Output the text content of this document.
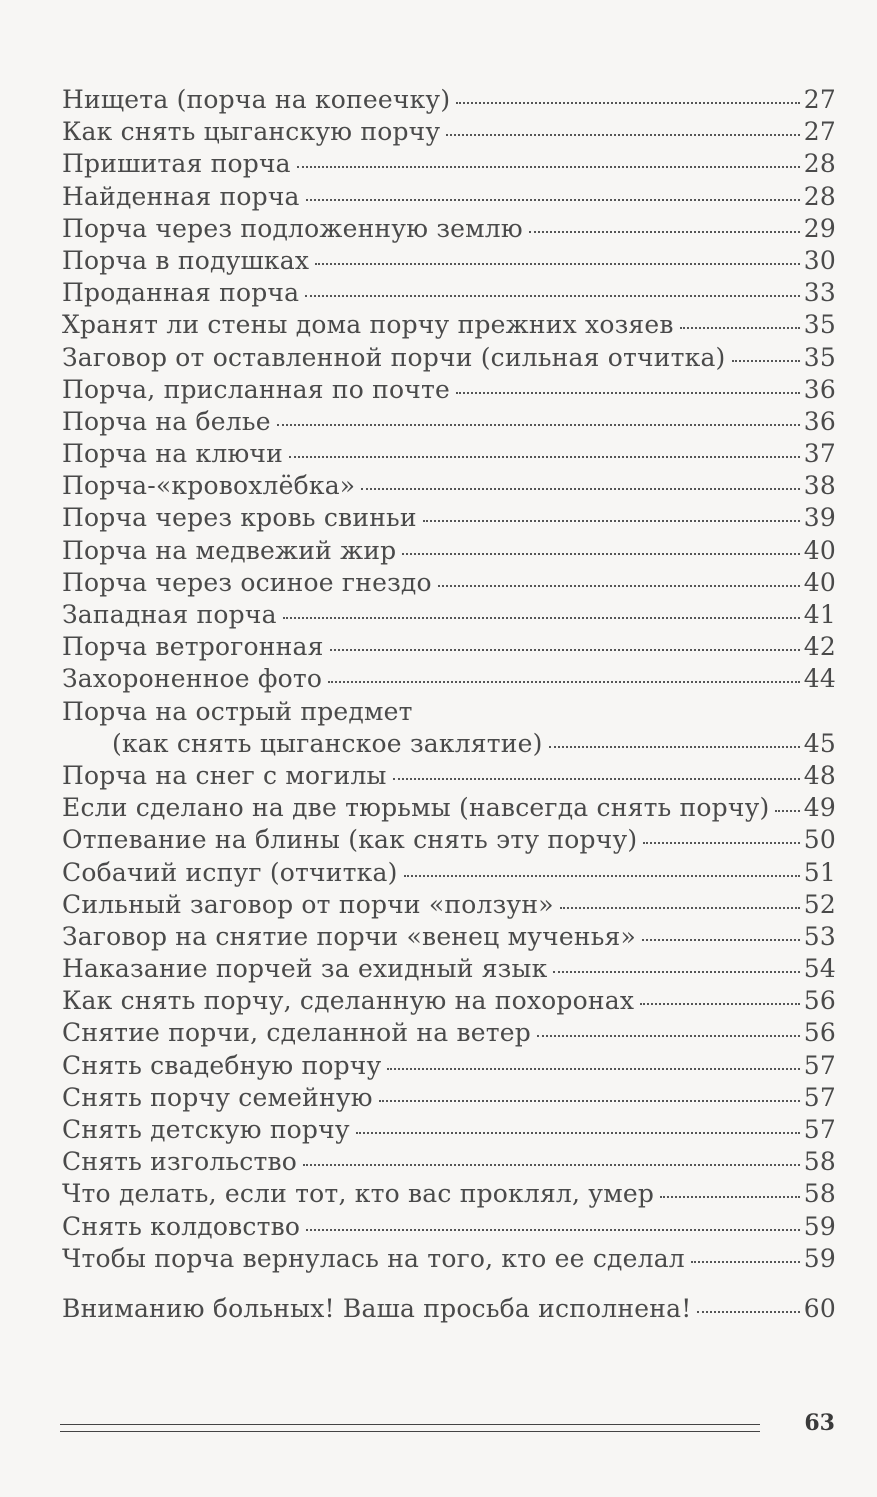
Нищета (порча на копеечку)	27
Как снять цыганскую порчу	27
Пришитая порча	28
Найденная порча	28
Порча через подложенную землю	29
Порча в подушках	30
Проданная порча	33
Хранят ли стены дома порчу прежних хозяев	35
Заговор от оставленной порчи (сильная отчитка)	35
Порча, присланная по почте	36
Порча на белье	36
Порча на ключи	37
Порча-«кровохлёбка»	38
Порча через кровь свиньи	39
Порча на медвежий жир	40
Порча через осиное гнездо	40
Западная порча	41
Порча ветрогонная	42
Захороненное фото	44
Порча на острый предмет
(как снять цыганское заклятие)	45
Порча на снег с могилы	48
Если сделано на две тюрьмы (навсегда снять порчу) 49
Отпевание на блины (как снять эту порчу)	50
Собачий испуг (отчитка)	51
Сильный заговор от порчи «ползун»	52
Заговор на снятие порчи «венец мученья»	53
Наказание порчей за ехидный язык	54
Как снять порчу, сделанную на похоронах	56
Снятие порчи, сделанной на ветер	56
Снять свадебную порчу	57
Снять порчу семейную	57
Снять детскую порчу	57
Снять изгольство	58
Что делать, если тот, кто вас проклял, умер	58
Снять колдовство	59
Чтобы порча вернулась на того, кто ее сделал	59
Вниманию больных! Ваша просьба исполнена!	60
63
